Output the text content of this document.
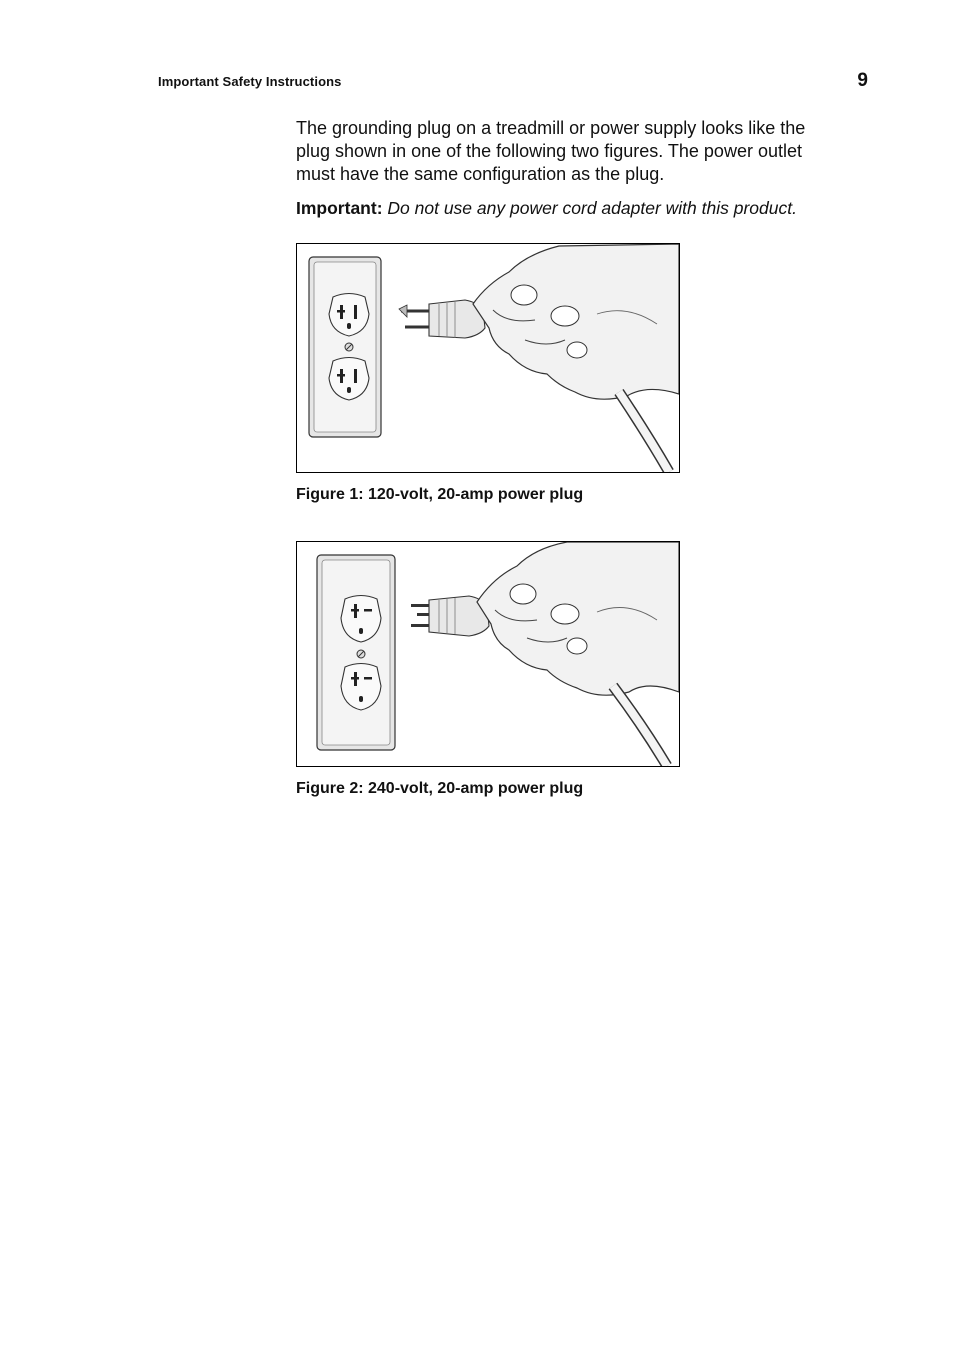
Important Safety Instructions	9

The grounding plug on a treadmill or power supply looks like the plug shown in one of the following two figures. The power outlet must have the same configuration as the plug.

Important: Do not use any power cord adapter with this product.

Figure 1: 120-volt, 20-amp power plug
Figure 2: 240-volt, 20-amp power plug
